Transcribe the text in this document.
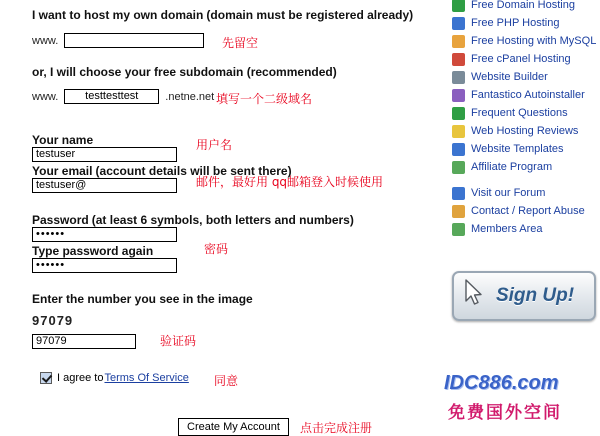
I want to host my own domain (domain must be registered already)
www.	先留空
or, I will choose your free subdomain (recommended)
www.
testtesttest	.netne.net 填写一个二级域名
Your name
testuser	用户名
Your email (account details will be sent there)
testuser@
邮件，最好用 qq邮箱登入时候使用
Password (at least 6 symbols, both letters and numbers)
••••••
Type password again
••••••	密码
Enter the number you see in the image
97079
97079
验证码
I agree to Terms Of Service 同意
Create My Account	点击完成注册
Free Domain Hosting
Free PHP Hosting
Free Hosting with MySQL
Free cPanel Hosting
Website Builder
Fantastico Autoinstaller
Frequent Questions
Web Hosting Reviews
Website Templates
Affiliate Program
Visit our Forum
Contact / Report Abuse
Members Area
Sign Up!
IDC886.com
免费国外空间
